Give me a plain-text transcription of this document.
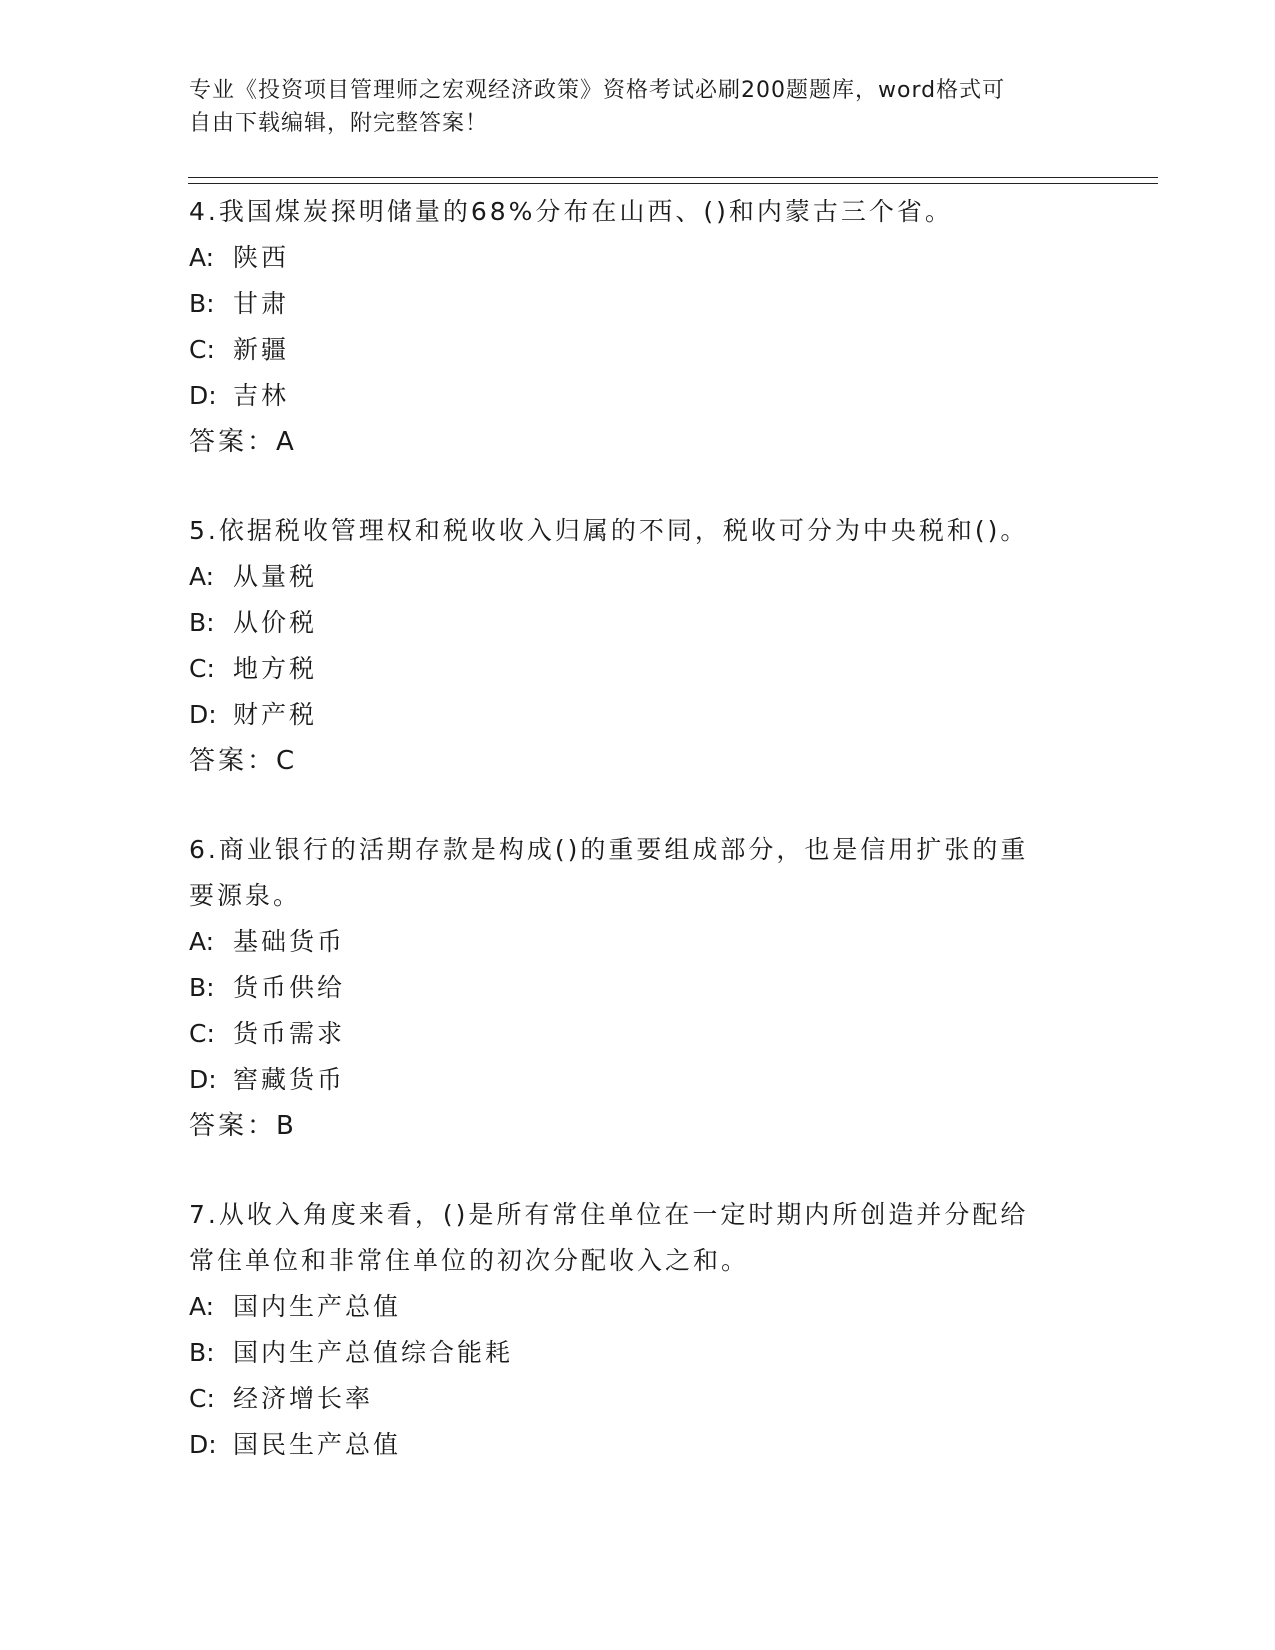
专业《投资项目管理师之宏观经济政策》资格考试必刷200题题库，word格式可
自由下载编辑，附完整答案！

4.我国煤炭探明储量的68%分布在山西、()和内蒙古三个省。

A: 陕西

B: 甘肃

C: 新疆

D: 吉林

答案：A

5.依据税收管理权和税收收入归属的不同，税收可分为中央税和()。

A: 从量税

B: 从价税

C: 地方税

D: 财产税

答案：C

6.商业银行的活期存款是构成()的重要组成部分，也是信用扩张的重

要源泉。

A: 基础货币

B: 货币供给

C: 货币需求

D: 窖藏货币

答案：B

7.从收入角度来看，()是所有常住单位在一定时期内所创造并分配给

常住单位和非常住单位的初次分配收入之和。

A: 国内生产总值

B: 国内生产总值综合能耗

C: 经济增长率

D: 国民生产总值
